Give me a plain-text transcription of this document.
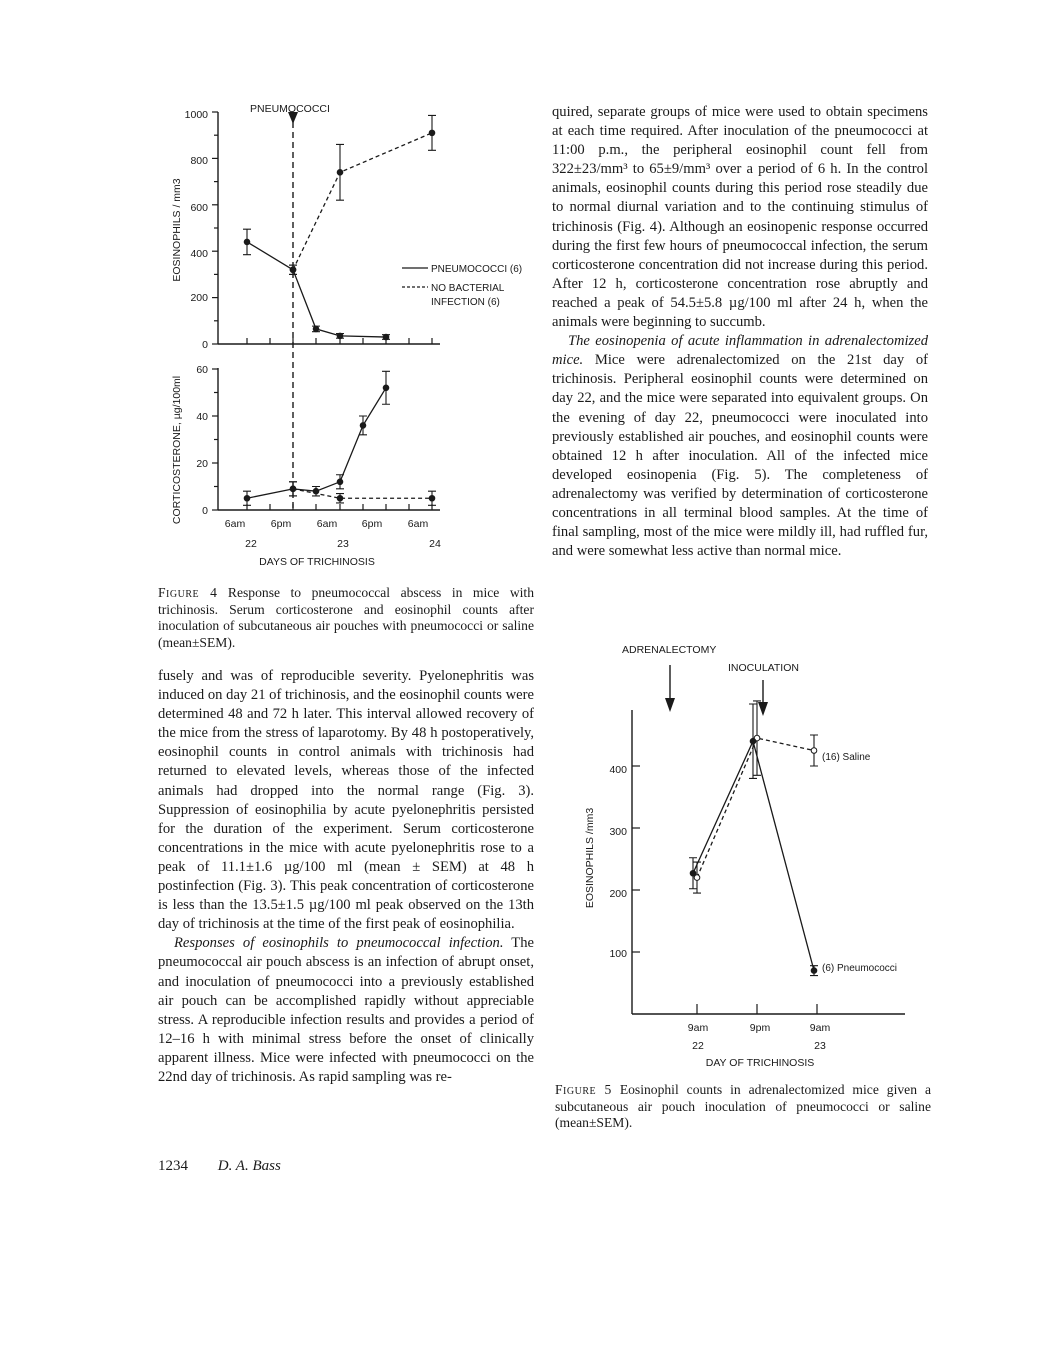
PNEUMOCOCCI
0
200
400
600
800
1000
0
20
40
60
EOSINOPHILS / mm3
CORTICOSTERONE, µg/100ml	6am 6pm 6am 6pm 6am
22	23	24
DAYS OF TRICHINOSIS
PNEUMOCOCCI (6)
NO BACTERIAL
INFECTION (6)
Figure 4 Response to pneumococcal abscess in mice with trichinosis. Serum corticosterone and eosinophil counts after inoculation of subcutaneous air pouches with pneumococci or saline (mean±SEM).
ADRENALECTOMY
INOCULATION
100
200
300
400
EOSINOPHILS /mm3
9am	9pm	9am
22	23
(16) Saline
(6) Pneumococci
DAY OF TRICHINOSIS
Figure 5 Eosinophil counts in adrenalectomized mice given a subcutaneous air pouch inoculation of pneumococci or saline (mean±SEM).

fusely and was of reproducible severity. Pyelonephritis was induced on day 21 of trichinosis, and the eosinophil counts were determined 48 and 72 h later. This interval allowed recovery of the mice from the stress of laparotomy. By 48 h postoperatively, eosinophil counts in control animals with trichinosis had returned to elevated levels, whereas those of the infected animals had dropped into the normal range (Fig. 3). Suppression of eosinophilia by acute pyelonephritis persisted for the duration of the experiment. Serum corticosterone concentrations in the mice with acute pyelonephritis rose to a peak of 11.1±1.6 µg/100 ml (mean ± SEM) at 48 h postinfection (Fig. 3). This peak concentration of corticosterone is less than the 13.5±1.5 µg/100 ml peak observed on the 13th day of trichinosis at the time of the first peak of eosinophilia.

Responses of eosinophils to pneumococcal infection. The pneumococcal air pouch abscess is an infection of abrupt onset, and inoculation of pneumococci into a previously established air pouch can be accomplished rapidly without appreciable stress. A reproducible infection results and provides a period of 12–16 h with minimal stress before the onset of clinically apparent illness. Mice were infected with pneumococci on the 22nd day of trichinosis. As rapid sampling was re-

quired, separate groups of mice were used to obtain specimens at each time required. After inoculation of the pneumococci at 11:00 p.m., the peripheral eosinophil count fell from 322±23/mm³ to 65±9/mm³ over a period of 6 h. In the control animals, eosinophil counts during this period rose steadily due to normal diurnal variation and to the continuing stimulus of trichinosis (Fig. 4). Although an eosinopenic response occurred during the first few hours of pneumococcal infection, the serum corticosterone concentration did not increase during this period. After 12 h, corticosterone concentration rose abruptly and reached a peak of 54.5±5.8 µg/100 ml after 24 h, when the animals were beginning to succumb.

The eosinopenia of acute inflammation in adrenalectomized mice. Mice were adrenalectomized on the 21st day of trichinosis. Peripheral eosinophil counts were determined on day 22, and the mice were separated into equivalent groups. On the evening of day 22, pneumococci were inoculated into previously established air pouches, and eosinophil counts were obtained 12 h after inoculation. All of the infected mice developed eosinopenia (Fig. 5). The completeness of adrenalectomy was verified by determination of corticosterone concentrations in all terminal blood samples. At the time of final sampling, most of the mice were mildly ill, had ruffled fur, and were somewhat less active than normal mice.

1234 D. A. Bass
